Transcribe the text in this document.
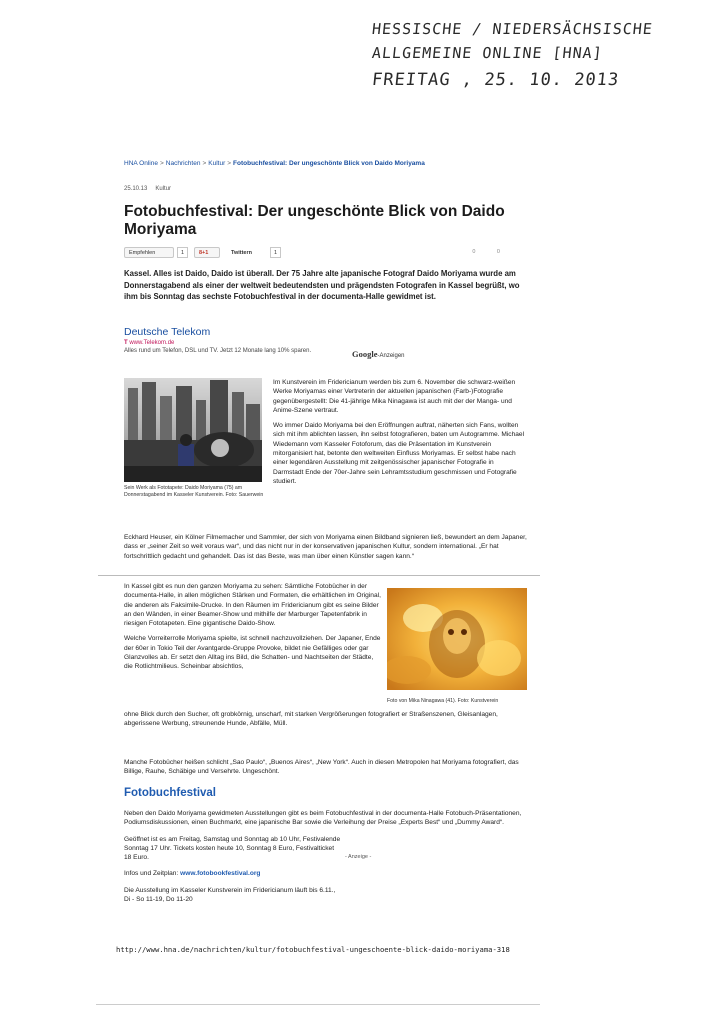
HESSISCHE / NIEDERSÄCHSISCHE
ALLGEMEINE ONLINE [HNA]
FREITAG , 25. 10. 2013
HNA Online > Nachrichten > Kultur > Fotobuchfestival: Der ungeschönte Blick von Daido Moriyama
25.10.13 Kultur
Fotobuchfestival: Der ungeschönte Blick von Daido Moriyama
Empfehlen	1	8+1	Twittern	1	0 0
Kassel. Alles ist Daido, Daido ist überall. Der 75 Jahre alte japanische Fotograf Daido Moriyama wurde am Donnerstagabend als einer der weltweit bedeutendsten und prägendsten Fotografen in Kassel begrüßt, wo ihm bis Sonntag das sechste Fotobuchfestival in der documenta-Halle gewidmet ist.
Deutsche Telekom
T www.Telekom.de
Alles rund um Telefon, DSL und TV. Jetzt 12 Monate lang 10% sparen.	Google-Anzeigen
Sein Werk als Fototapete: Daido Moriyama (75) am Donnerstagabend im Kasseler Kunstverein. Foto: Sauerwein

Im Kunstverein im Fridericianum werden bis zum 6. November die schwarz-weißen Werke Moriyamas einer Vertreterin der aktuellen japanischen (Farb-)Fotografie gegenübergestellt: Die 41-jährige Mika Ninagawa ist auch mit der der Manga- und Anime-Szene vertraut.

Wo immer Daido Moriyama bei den Eröffnungen auftrat, näherten sich Fans, wollten sich mit ihm ablichten lassen, ihn selbst fotografieren, baten um Autogramme. Michael Wiedemann vom Kasseler Fotoforum, das die Präsentation im Kunstverein mitorganisiert hat, betonte den weltweiten Einfluss Moriyamas. Er selbst habe nach einer legendären Ausstellung mit zeitgenössischer japanischer Fotografie in Darmstadt Ende der 70er-Jahre sein Lehramtsstudium geschmissen und Fotografie studiert.

Eckhard Heuser, ein Kölner Filmemacher und Sammler, der sich von Moriyama einen Bildband signieren ließ, bewundert an dem Japaner, dass er „seiner Zeit so weit voraus war“, und das nicht nur in der konservativen japanischen Kultur, sondern international. „Er hat fortschrittlich gedacht und gehandelt. Das ist das Beste, was man über einen Künstler sagen kann.“

In Kassel gibt es nun den ganzen Moriyama zu sehen: Sämtliche Fotobücher in der documenta-Halle, in allen möglichen Stärken und Formaten, die erhältlichen im Original, die anderen als Faksimile-Drucke. In den Räumen im Fridericianum gibt es seine Bilder an den Wänden, in einer Beamer-Show und mithilfe der Marburger Tapetenfabrik in riesigen Fototapeten. Eine gigantische Daido-Show.

Welche Vorreiterrolle Moriyama spielte, ist schnell nachzuvollziehen. Der Japaner, Ende der 60er in Tokio Teil der Avantgarde-Gruppe Provoke, bildet nie Gefälliges oder gar Glanzvolles ab. Er setzt den Alltag ins Bild, die Schatten- und Nachtseiten der Städte, die Rotlichtmilieus. Scheinbar absichtlos,

Foto von Mika Ninagawa (41). Foto: Kunstverein

ohne Blick durch den Sucher, oft grobkörnig, unscharf, mit starken Vergrößerungen fotografiert er Straßenszenen, Gleisanlagen, abgerissene Werbung, streunende Hunde, Abfälle, Müll.

Manche Fotobücher heißen schlicht „Sao Paulo“, „Buenos Aires“, „New York“. Auch in diesen Metropolen hat Moriyama fotografiert, das Billige, Rauhe, Schäbige und Versehrte. Ungeschönt.
Fotobuchfestival

Neben den Daido Moriyama gewidmeten Ausstellungen gibt es beim Fotobuchfestival in der documenta-Halle Fotobuch-Präsentationen, Podiumsdiskussionen, einen Buchmarkt, eine japanische Bar sowie die Verleihung der Preise „Experts Best“ und „Dummy Award“.

Geöffnet ist es am Freitag, Samstag und Sonntag ab 10 Uhr, Festivalende Sonntag 17 Uhr. Tickets kosten heute 10, Sonntag 8 Euro, Festivalticket 18 Euro.

Infos und Zeitplan: www.fotobookfestival.org

Die Ausstellung im Kasseler Kunstverein im Fridericianum läuft bis 6.11., Di - So 11-19, Do 11-20

- Anzeige -
http://www.hna.de/nachrichten/kultur/fotobuchfestival-ungeschoente-blick-daido-moriyama-318
